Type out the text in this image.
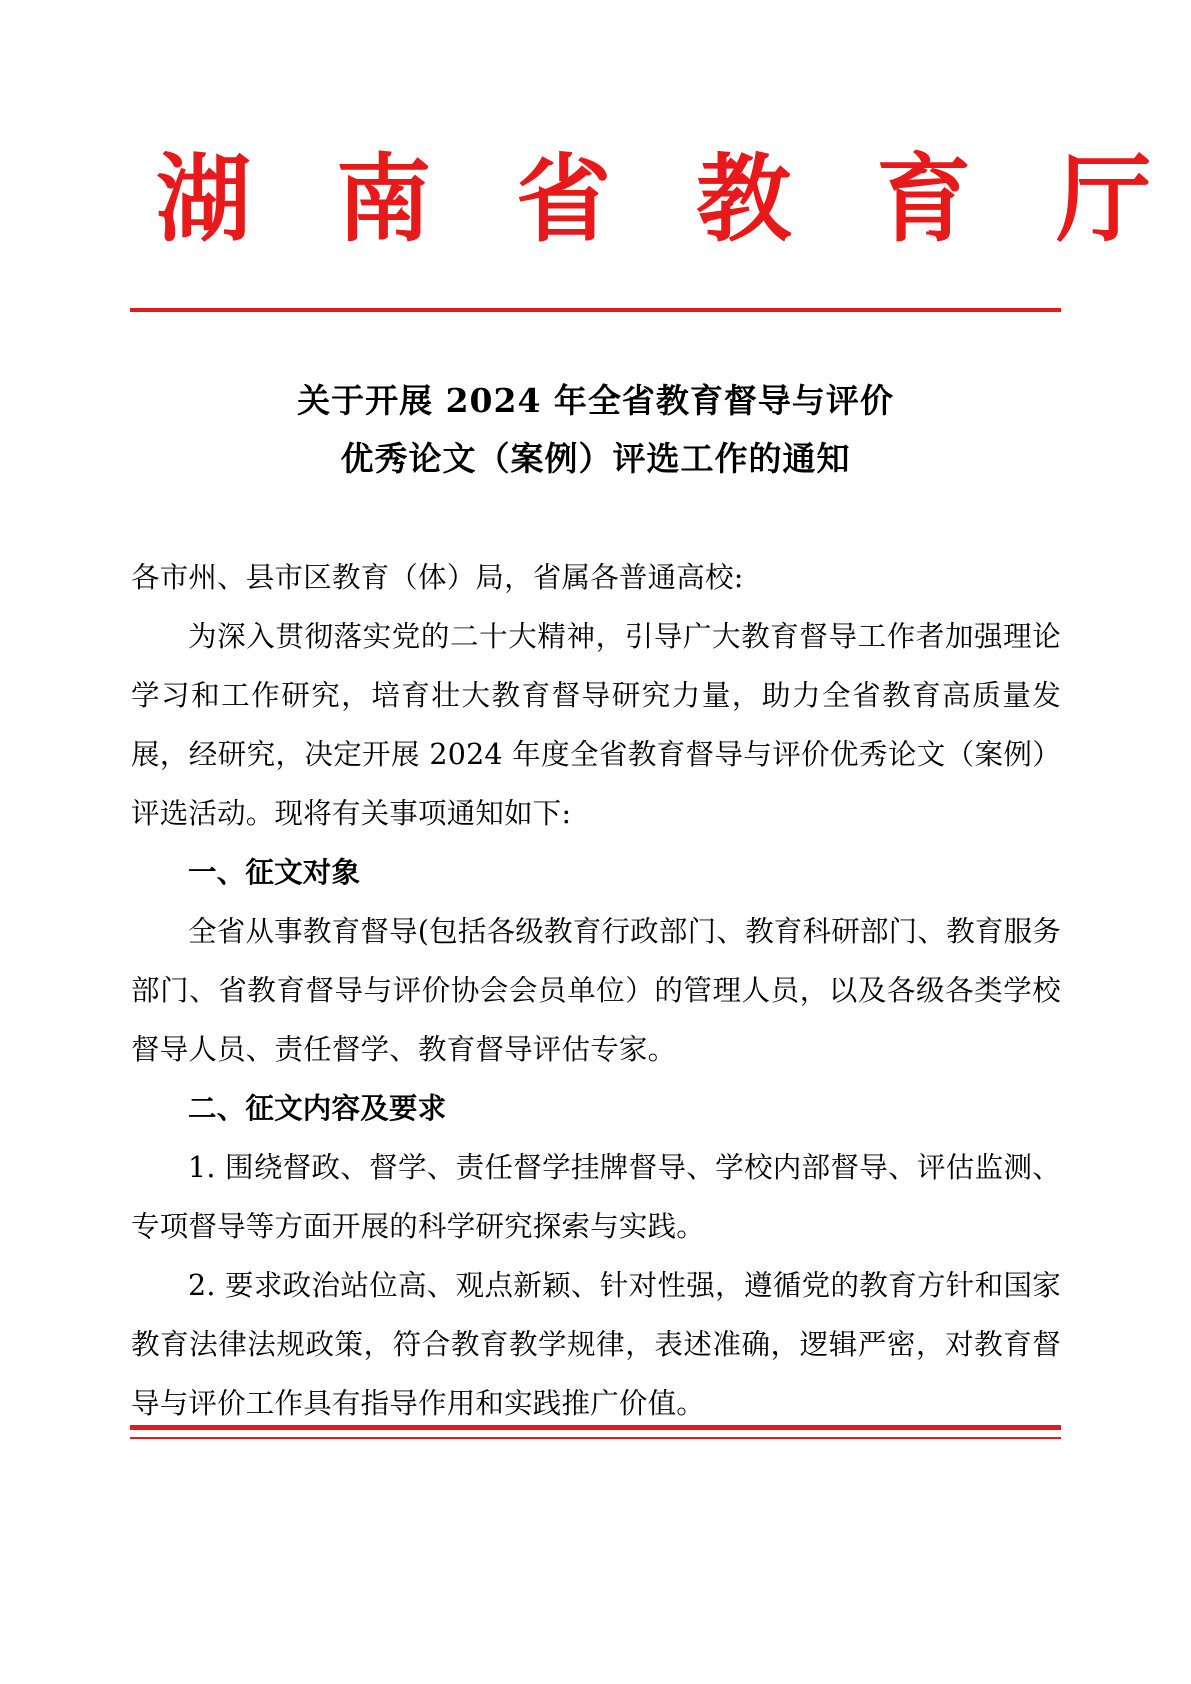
湖 南 省 教 育 厅
关于开展 2024 年全省教育督导与评价
优秀论文（案例）评选工作的通知

各市州、县市区教育（体）局，省属各普通高校:

为深入贯彻落实党的二十大精神，引导广大教育督导工作者加强理论学习和工作研究，培育壮大教育督导研究力量，助力全省教育高质量发展，经研究，决定开展 2024 年度全省教育督导与评价优秀论文（案例）评选活动。现将有关事项通知如下:

一、征文对象

全省从事教育督导(包括各级教育行政部门、教育科研部门、教育服务部门、省教育督导与评价协会会员单位）的管理人员，以及各级各类学校督导人员、责任督学、教育督导评估专家。

二、征文内容及要求

1. 围绕督政、督学、责任督学挂牌督导、学校内部督导、评估监测、专项督导等方面开展的科学研究探索与实践。

2. 要求政治站位高、观点新颖、针对性强，遵循党的教育方针和国家教育法律法规政策，符合教育教学规律，表述准确，逻辑严密，对教育督导与评价工作具有指导作用和实践推广价值。
